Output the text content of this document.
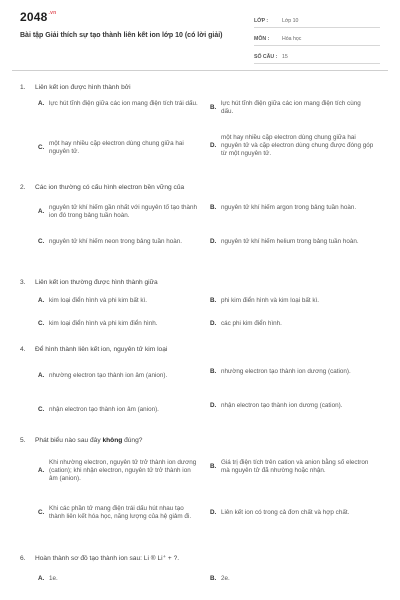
$2048^{.vn}$
Bài tập Giải thích sự tạo thành liên kết ion lớp 10 (có lời giải)
LỚP :	Lớp 10
MÔN :	Hóa học
SỐ CÂU : 15
1.	Liên kết ion được hình thành bởi
A. lực hút tĩnh điện giữa các ion mang điện tích trái dấu.
B.
lực hút tĩnh điện giữa các ion mang điện tích cùng dấu.
C.
một hay nhiều cặp electron dùng chung giữa hai nguyên tử.
D.
một hay nhiều cặp electron dùng chung giữa hai nguyên tử và cặp electron dùng chung được đóng góp từ một nguyên tử.
2.	Các ion thường có cấu hình electron bền vững của
A.
nguyên tử khí hiếm gần nhất với nguyên tố tạo thành ion đó trong bảng tuần hoàn.
B. nguyên tử khí hiếm argon trong bảng tuần hoàn.
C. nguyên tử khí hiếm neon trong bảng tuần hoàn.	D. nguyên tử khí hiếm helium trong bảng tuần hoàn.
3.	Liên kết ion thường được hình thành giữa
A. kim loại điển hình và phi kim bất kì.	B. phi kim điển hình và kim loại bất kì.
C. kim loại điển hình và phi kim điển hình.	D. các phi kim điển hình.
4.	Để hình thành liên kết ion, nguyên tử kim loại
A. nhường electron tạo thành ion âm (anion).
B. nhường electron tạo thành ion dương (cation).
C. nhận electron tạo thành ion âm (anion).
D. nhận electron tạo thành ion dương (cation).
5.	Phát biểu nào sau đây không đúng?
A.
Khi nhường electron, nguyên tử trở thành ion dương (cation); khi nhận electron, nguyên tử trở thành ion âm (anion).
B.
Giá trị điện tích trên cation và anion bằng số electron mà nguyên tử đã nhường hoặc nhận.
C.
Khi các phần tử mang điện trái dấu hút nhau tạo thành liên kết hóa học, năng lượng của hệ giảm đi.
D. Liên kết ion có trong cả đơn chất và hợp chất.
6.	Hoàn thành sơ đồ tạo thành ion sau: Li ® Li⁺ + ?.
A. 1e.	B. 2e.
